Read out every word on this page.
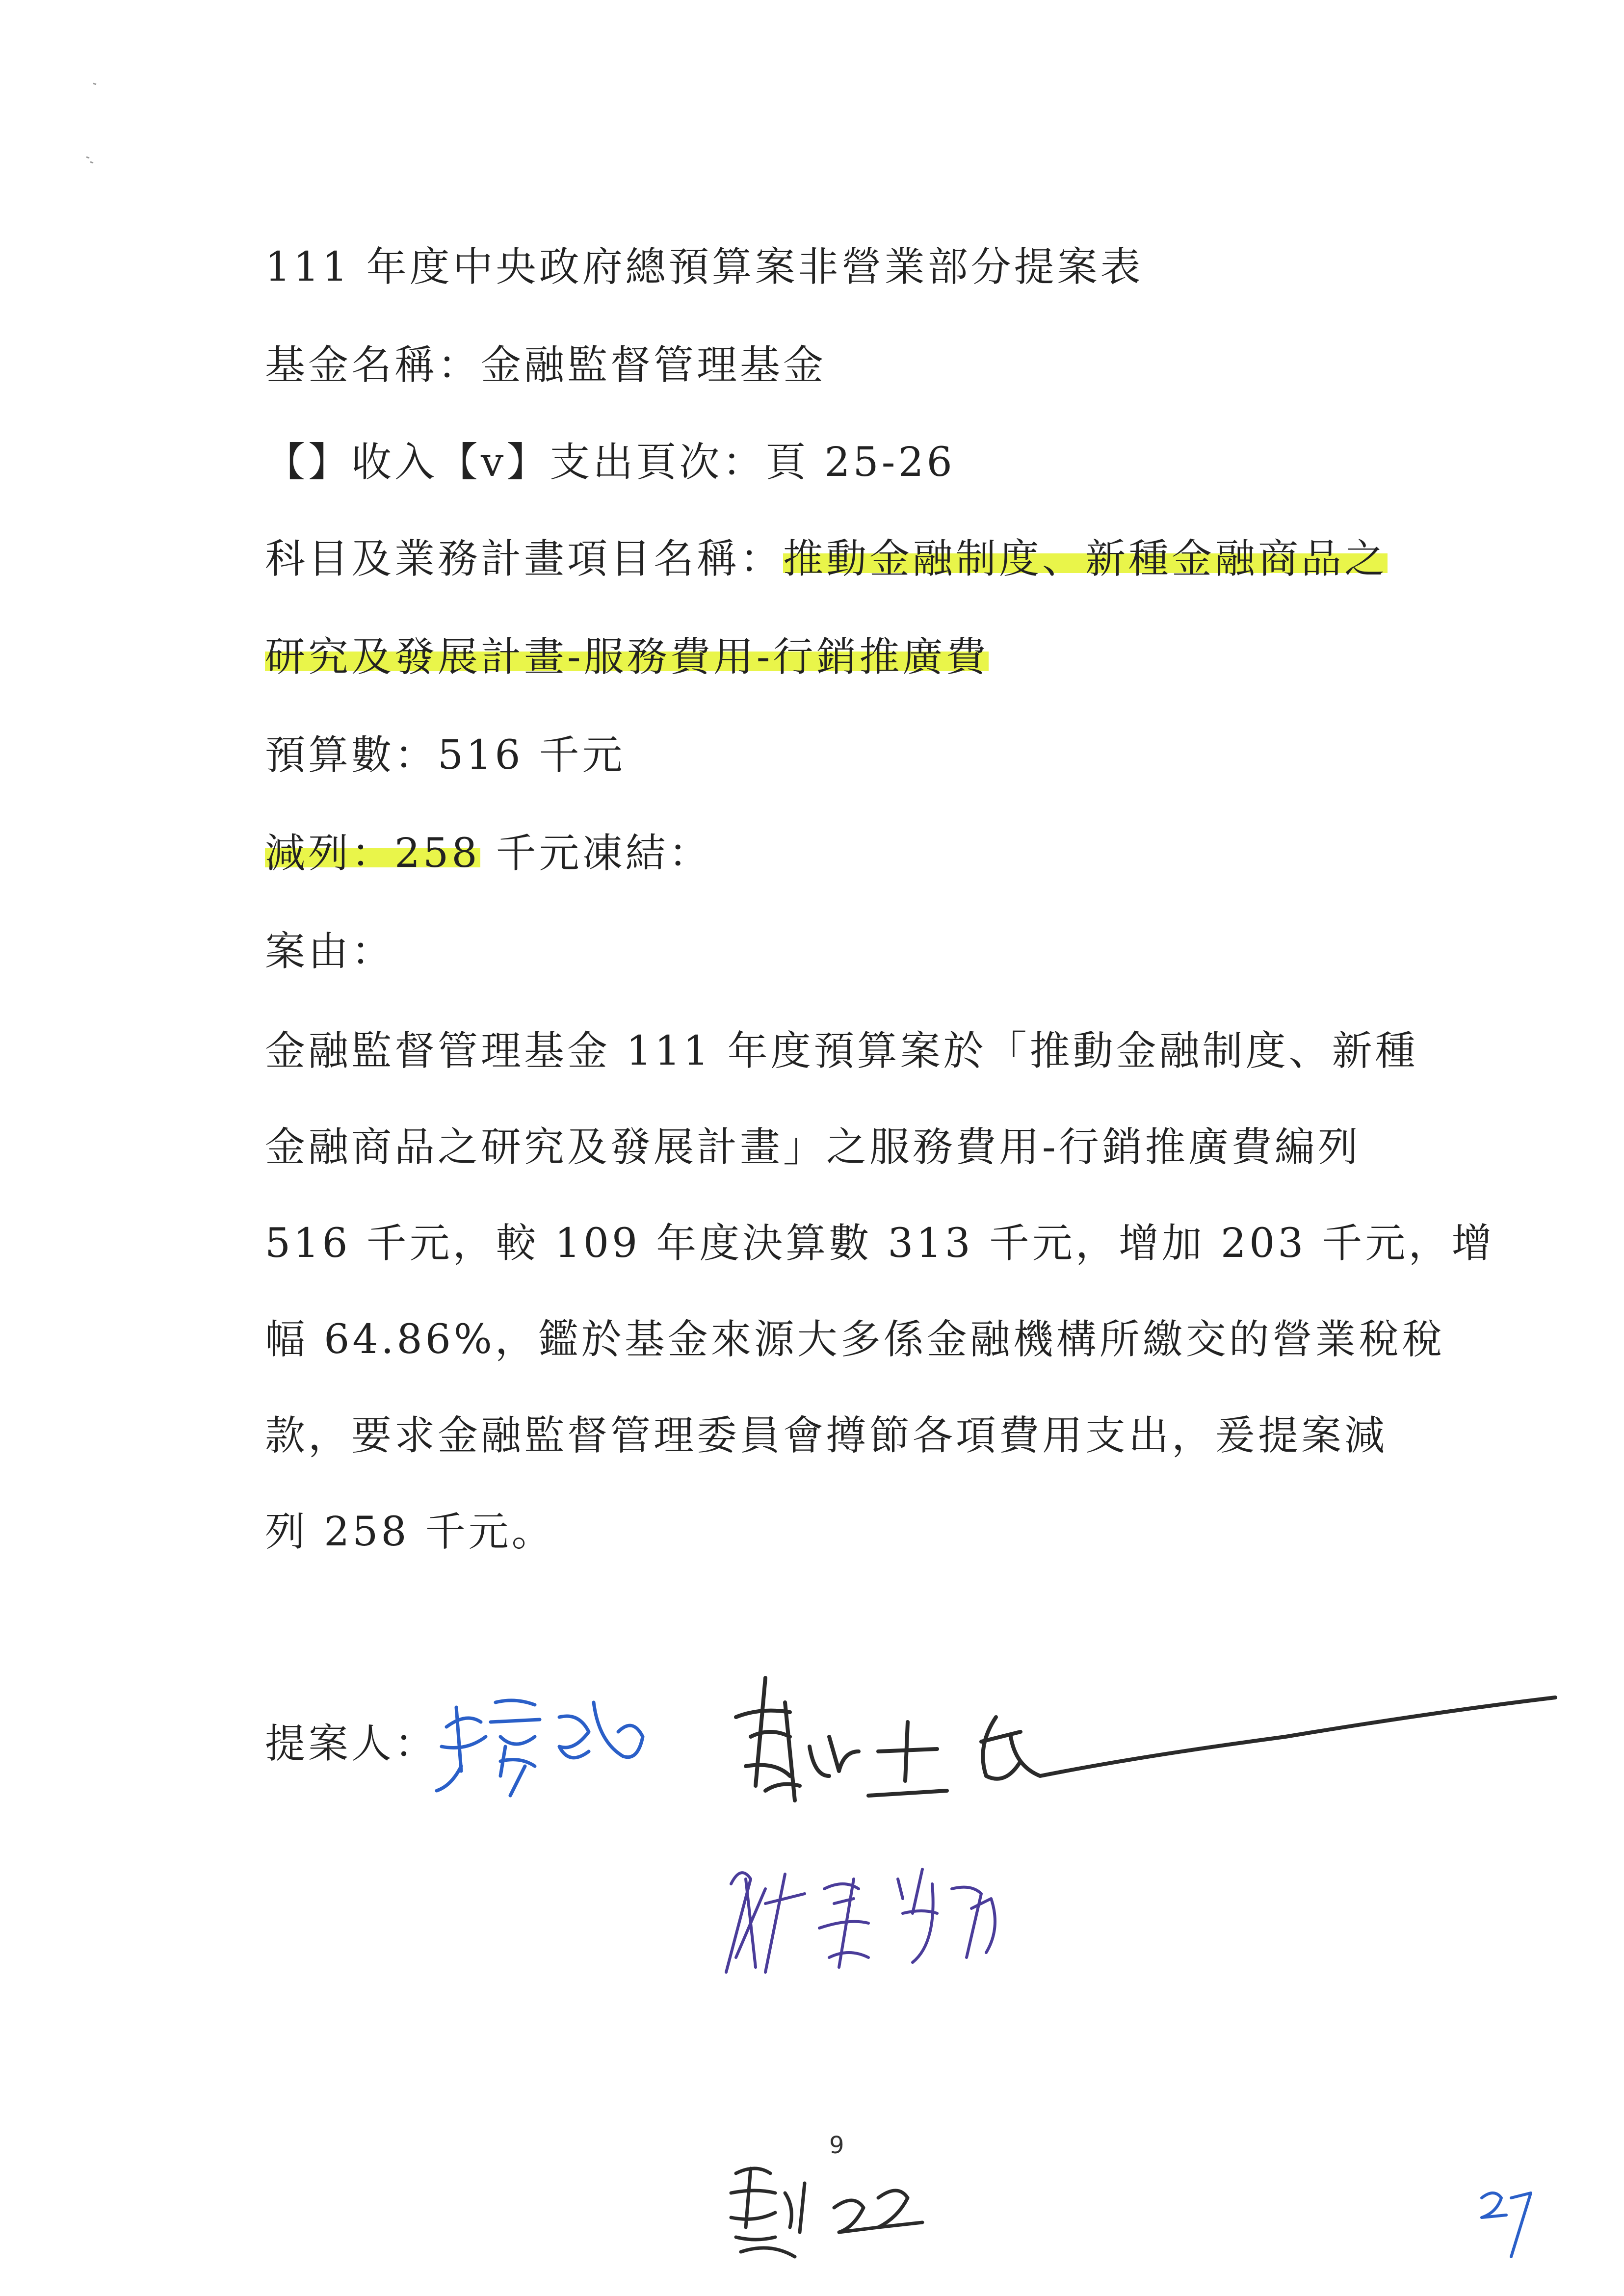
111 年度中央政府總預算案非營業部分提案表
基金名稱：金融監督管理基金
【】收入【v】支出頁次：頁 25-26
科目及業務計畫項目名稱：推動金融制度、新種金融商品之
研究及發展計畫-服務費用-行銷推廣費
預算數：516 千元
減列：258 千元凍結：
案由：
金融監督管理基金 111 年度預算案於「推動金融制度、新種
金融商品之研究及發展計畫」之服務費用-行銷推廣費編列
516 千元，較 109 年度決算數 313 千元，增加 203 千元，增
幅 64.86%，鑑於基金來源大多係金融機構所繳交的營業稅稅
款，要求金融監督管理委員會撙節各項費用支出，爰提案減
列 258 千元。
提案人：
9
